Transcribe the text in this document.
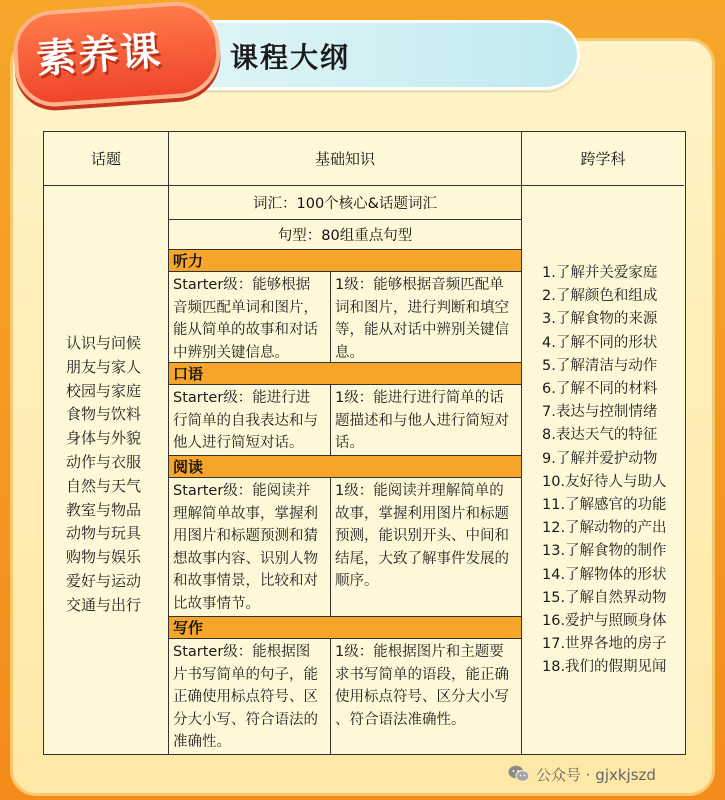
课程大纲
素养课
话题	基础知识	跨学科
认识与问候
朋友与家人
校园与家庭
食物与饮料
身体与外貌
动作与衣服
自然与天气
教室与物品
动物与玩具
购物与娱乐
爱好与运动
交通与出行
词汇：100个核心&话题词汇
句型：80组重点句型
听力
Starter级：能够根据
音频匹配单词和图片，
能从简单的故事和对话
中辨别关键信息。
1级：能够根据音频匹配单
词和图片，进行判断和填空
等，能从对话中辨别关键信
息。
口语
Starter级：能进行进
行简单的自我表达和与
他人进行简短对话。
1级：能进行进行简单的话
题描述和与他人进行简短对
话。
阅读
Starter级：能阅读并
理解简单故事，掌握利
用图片和标题预测和猜
想故事内容、识别人物
和故事情景，比较和对
比故事情节。
1级：能阅读并理解简单的
故事，掌握利用图片和标题
预测，能识别开头、中间和
结尾，大致了解事件发展的
顺序。
写作
Starter级：能根据图
片书写简单的句子，能
正确使用标点符号、区
分大小写、符合语法的
准确性。
1级：能根据图片和主题要
求书写简单的语段，能正确
使用标点符号、区分大小写
、符合语法准确性。
1.了解并关爱家庭
2.了解颜色和组成
3.了解食物的来源
4.了解不同的形状
5.了解清洁与动作
6.了解不同的材料
7.表达与控制情绪
8.表达天气的特征
9.了解并爱护动物
10.友好待人与助人
11.了解感官的功能
12.了解动物的产出
13.了解食物的制作
14.了解物体的形状
15.了解自然界动物
16.爱护与照顾身体
17.世界各地的房子
18.我们的假期见闻
公众号 · gjxkjszd
